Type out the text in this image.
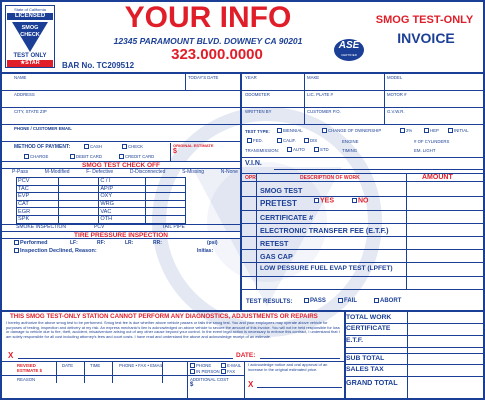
State of California
LICENSED
SMOG
CHECK
TEST ONLY
★STAR
YOUR INFO
12345 PARAMOUNT BLVD. DOWNEY CA 90201
323.000.0000
BAR No. TC209512
ASE
CERTIFIED
SMOG TEST-ONLY
INVOICE
NAME	TODAY'S DATE
ADDRESS
CITY, STATE ZIP
PHONE / CUSTOMER EMAIL
METHOD OF PAYMENT:	CASH	CHECK
CHARGE	DEBIT CARD	CREDIT CARD
ORIGINAL ESTIMATE
$
SMOG TEST CHECK OFF
P-Pass	M-Modified	F- Defective	D-Disconnected	S-Missing	N-None
PCV		C / I	
TAC		AP/P	
EVP		OXY	
CAT		WRG	
EGR		VAC	
SPK		OTH	
SMOKE INSPECTION	PCV	TAIL PIPE
TIRE PRESSURE INSPECTION
Performed	LF:	RF:	LR:	RR:	(psi)
Inspection Declined, Reason:	Initias:
YEAR	MAKE	MODEL
ODOMETER	LIC. PLATE #	MOTOR #
WRITTEN BY	CUSTOMER P.O.	G.V.W.R.
TEST TYPE:	BIENNIAL	CHANGE OF OWNERSHIP	2%	HEP	INITIAL
FED.	CALIF.	DIS	ENGINE	# OF CYLINDERS
TRANSMISSION:	AUTO	STD	TIMING	EM. LIGHT
V.I.N.
OPR.	DESCRIPTION OF WORK	AMOUNT
SMOG TEST
PRETEST	YES	NO
CERTIFICATE #
ELECTRONIC TRANSFER FEE (E.T.F.)
RETEST
GAS CAP
LOW PESSURE FUEL EVAP TEST (LPFET)
TEST RESULTS:	PASS	FAIL	ABORT
THIS SMOG TEST-ONLY STATION CANNOT PERFORM ANY DIAGNOSTICS, ADJUSTMENTS OR REPAIRS
I hereby authorize the above smog test to be performed. Smog test fee is due whether above vehicle passes or fails the smog test. You and your employees may operate above vehicle for purposes of testing, inspection and delivery at my risk. An express mechanic's lien is acknowledged on above vehicle to secure the amount of this invoice. You will not be held responsible for loss or damage to vehicle due to fire, theft, accident, misadventure arising out of any other cause beyond your control. In the event legal action is necessary to enforce this contract, I understand that I am solely responsible for all cost including attorney's fees and court costs. I have read and understand the above and acknowledge receipt of an estimate.
X	DATE:
REVISED
ESTIMATE $
DATE	TIME	PHONE • FAX • EMAIL	PHONE
IN PERSON
E-MAIL
FAX
REASON	ADDITIONAL COST
$
I acknowledge notice and oral approval of an increase in the original estimated price.
X
TOTAL WORK
CERTIFICATE
E.T.F.
SUB TOTAL
SALES TAX
GRAND TOTAL
